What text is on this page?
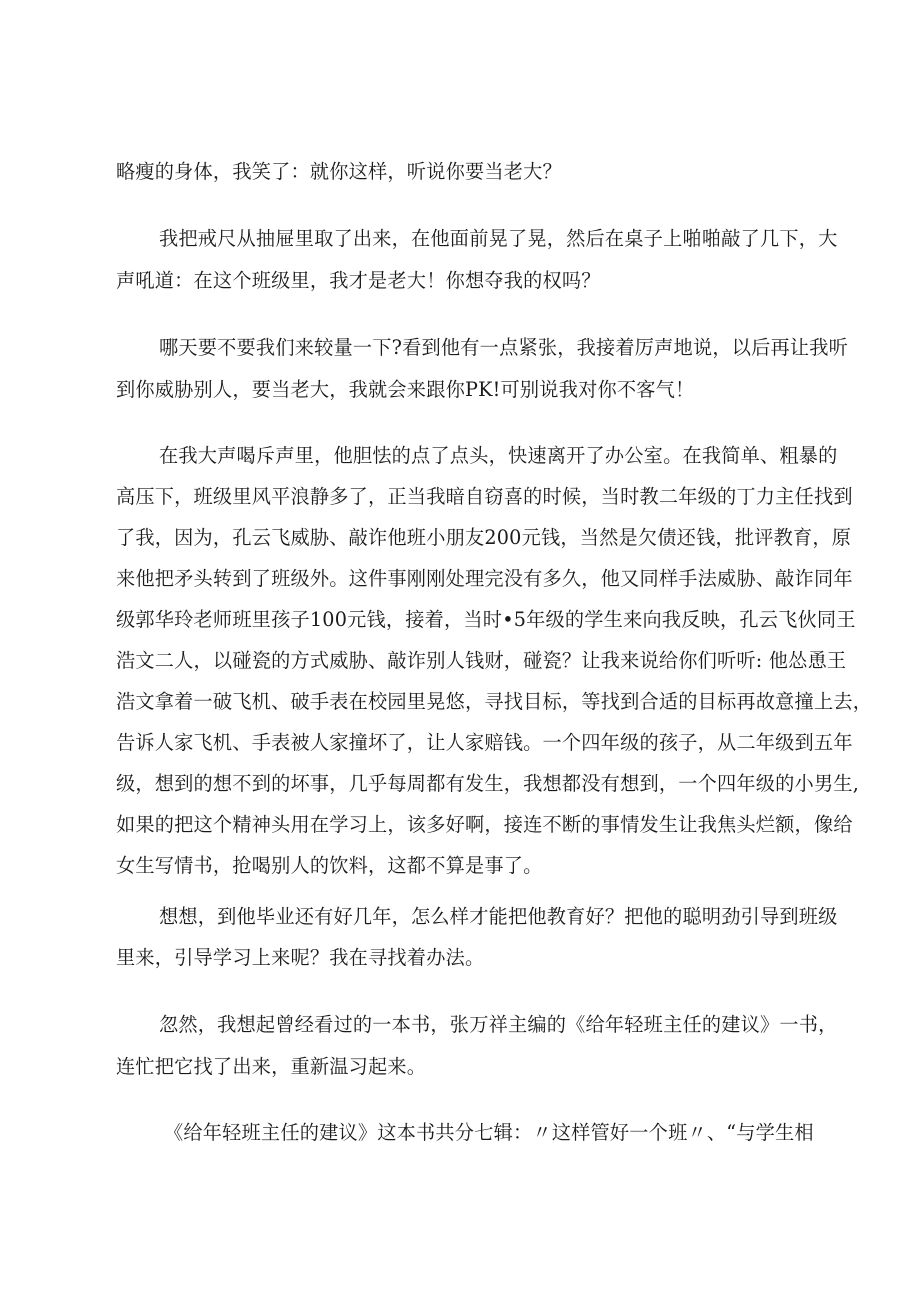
略瘦的身体，我笑了：就你这样，听说你要当老大？
我把戒尺从抽屉里取了出来，在他面前晃了晃，然后在桌子上啪啪敲了几下，大
声吼道：在这个班级里，我才是老大！你想夺我的权吗？
哪天要不要我们来较量一下?看到他有一点紧张，我接着厉声地说，以后再让我听
到你威胁别人，要当老大，我就会来跟你PK!可别说我对你不客气！
在我大声喝斥声里，他胆怯的点了点头，快速离开了办公室。在我简单、粗暴的
高压下，班级里风平浪静多了，正当我暗自窃喜的时候，当时教二年级的丁力主任找到
了我，因为，孔云飞威胁、敲诈他班小朋友200元钱，当然是欠债还钱，批评教育，原
来他把矛头转到了班级外。这件事刚刚处理完没有多久，他又同样手法威胁、敲诈同年
级郭华玲老师班里孩子100元钱，接着，当时•5年级的学生来向我反映，孔云飞伙同王
浩文二人，以碰瓷的方式威胁、敲诈别人钱财，碰瓷？让我来说给你们听听: 他怂恿王
浩文拿着一破飞机、破手表在校园里晃悠，寻找目标，等找到合适的目标再故意撞上去，
告诉人家飞机、手表被人家撞坏了，让人家赔钱。一个四年级的孩子，从二年级到五年
级，想到的想不到的坏事，几乎每周都有发生，我想都没有想到，一个四年级的小男生,
如果的把这个精神头用在学习上，该多好啊，接连不断的事情发生让我焦头烂额，像给
女生写情书，抢喝别人的饮料，这都不算是事了。
想想，到他毕业还有好几年，怎么样才能把他教育好？把他的聪明劲引导到班级
里来，引导学习上来呢？我在寻找着办法。
忽然，我想起曾经看过的一本书，张万祥主编的《给年轻班主任的建议》一书，
连忙把它找了出来，重新温习起来。
《给年轻班主任的建议》这本书共分七辑：〃这样管好一个班〃、“与学生相
